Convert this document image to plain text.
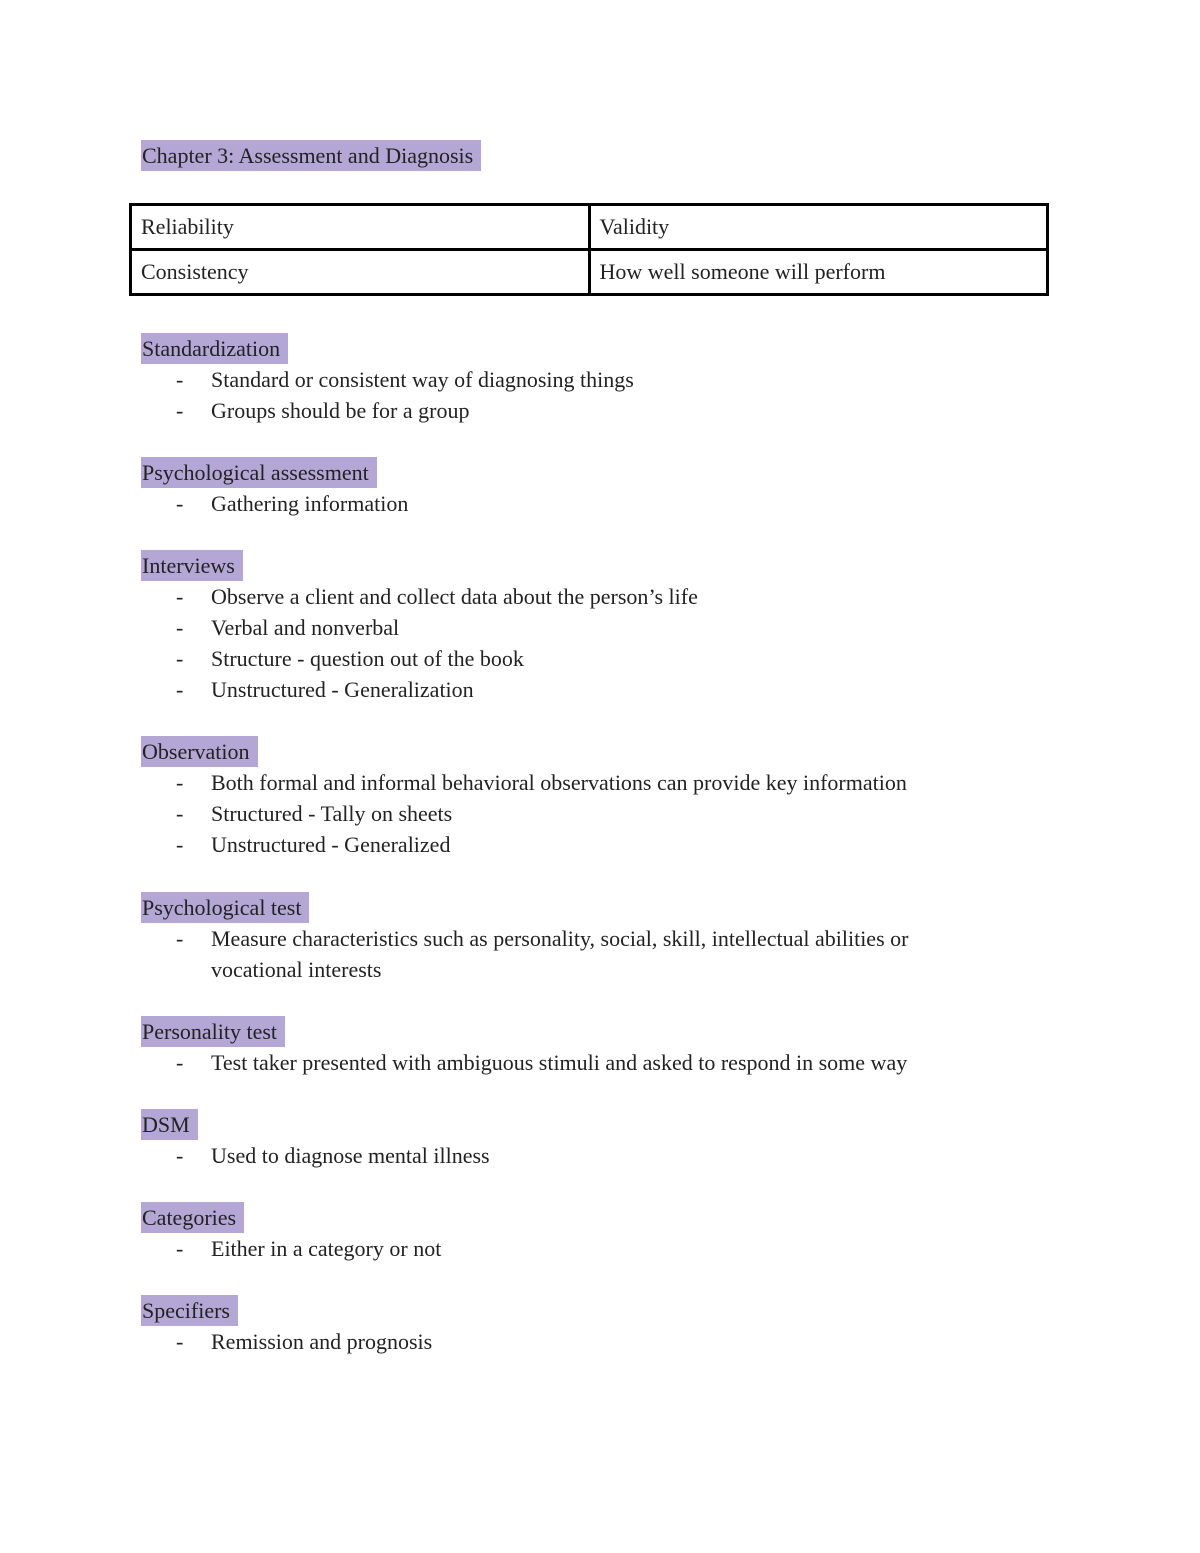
Chapter 3: Assessment and Diagnosis
Reliability	Validity
Consistency	How well someone will perform
Standardization
- Standard or consistent way of diagnosing things
- Groups should be for a group
Psychological assessment
- Gathering information
Interviews
- Observe a client and collect data about the person’s life
- Verbal and nonverbal
- Structure - question out of the book
- Unstructured - Generalization
Observation
- Both formal and informal behavioral observations can provide key information
- Structured - Tally on sheets
- Unstructured - Generalized
Psychological test
- Measure characteristics such as personality, social, skill, intellectual abilities or vocational interests
Personality test
- Test taker presented with ambiguous stimuli and asked to respond in some way
DSM
- Used to diagnose mental illness
Categories
- Either in a category or not
Specifiers
- Remission and prognosis
